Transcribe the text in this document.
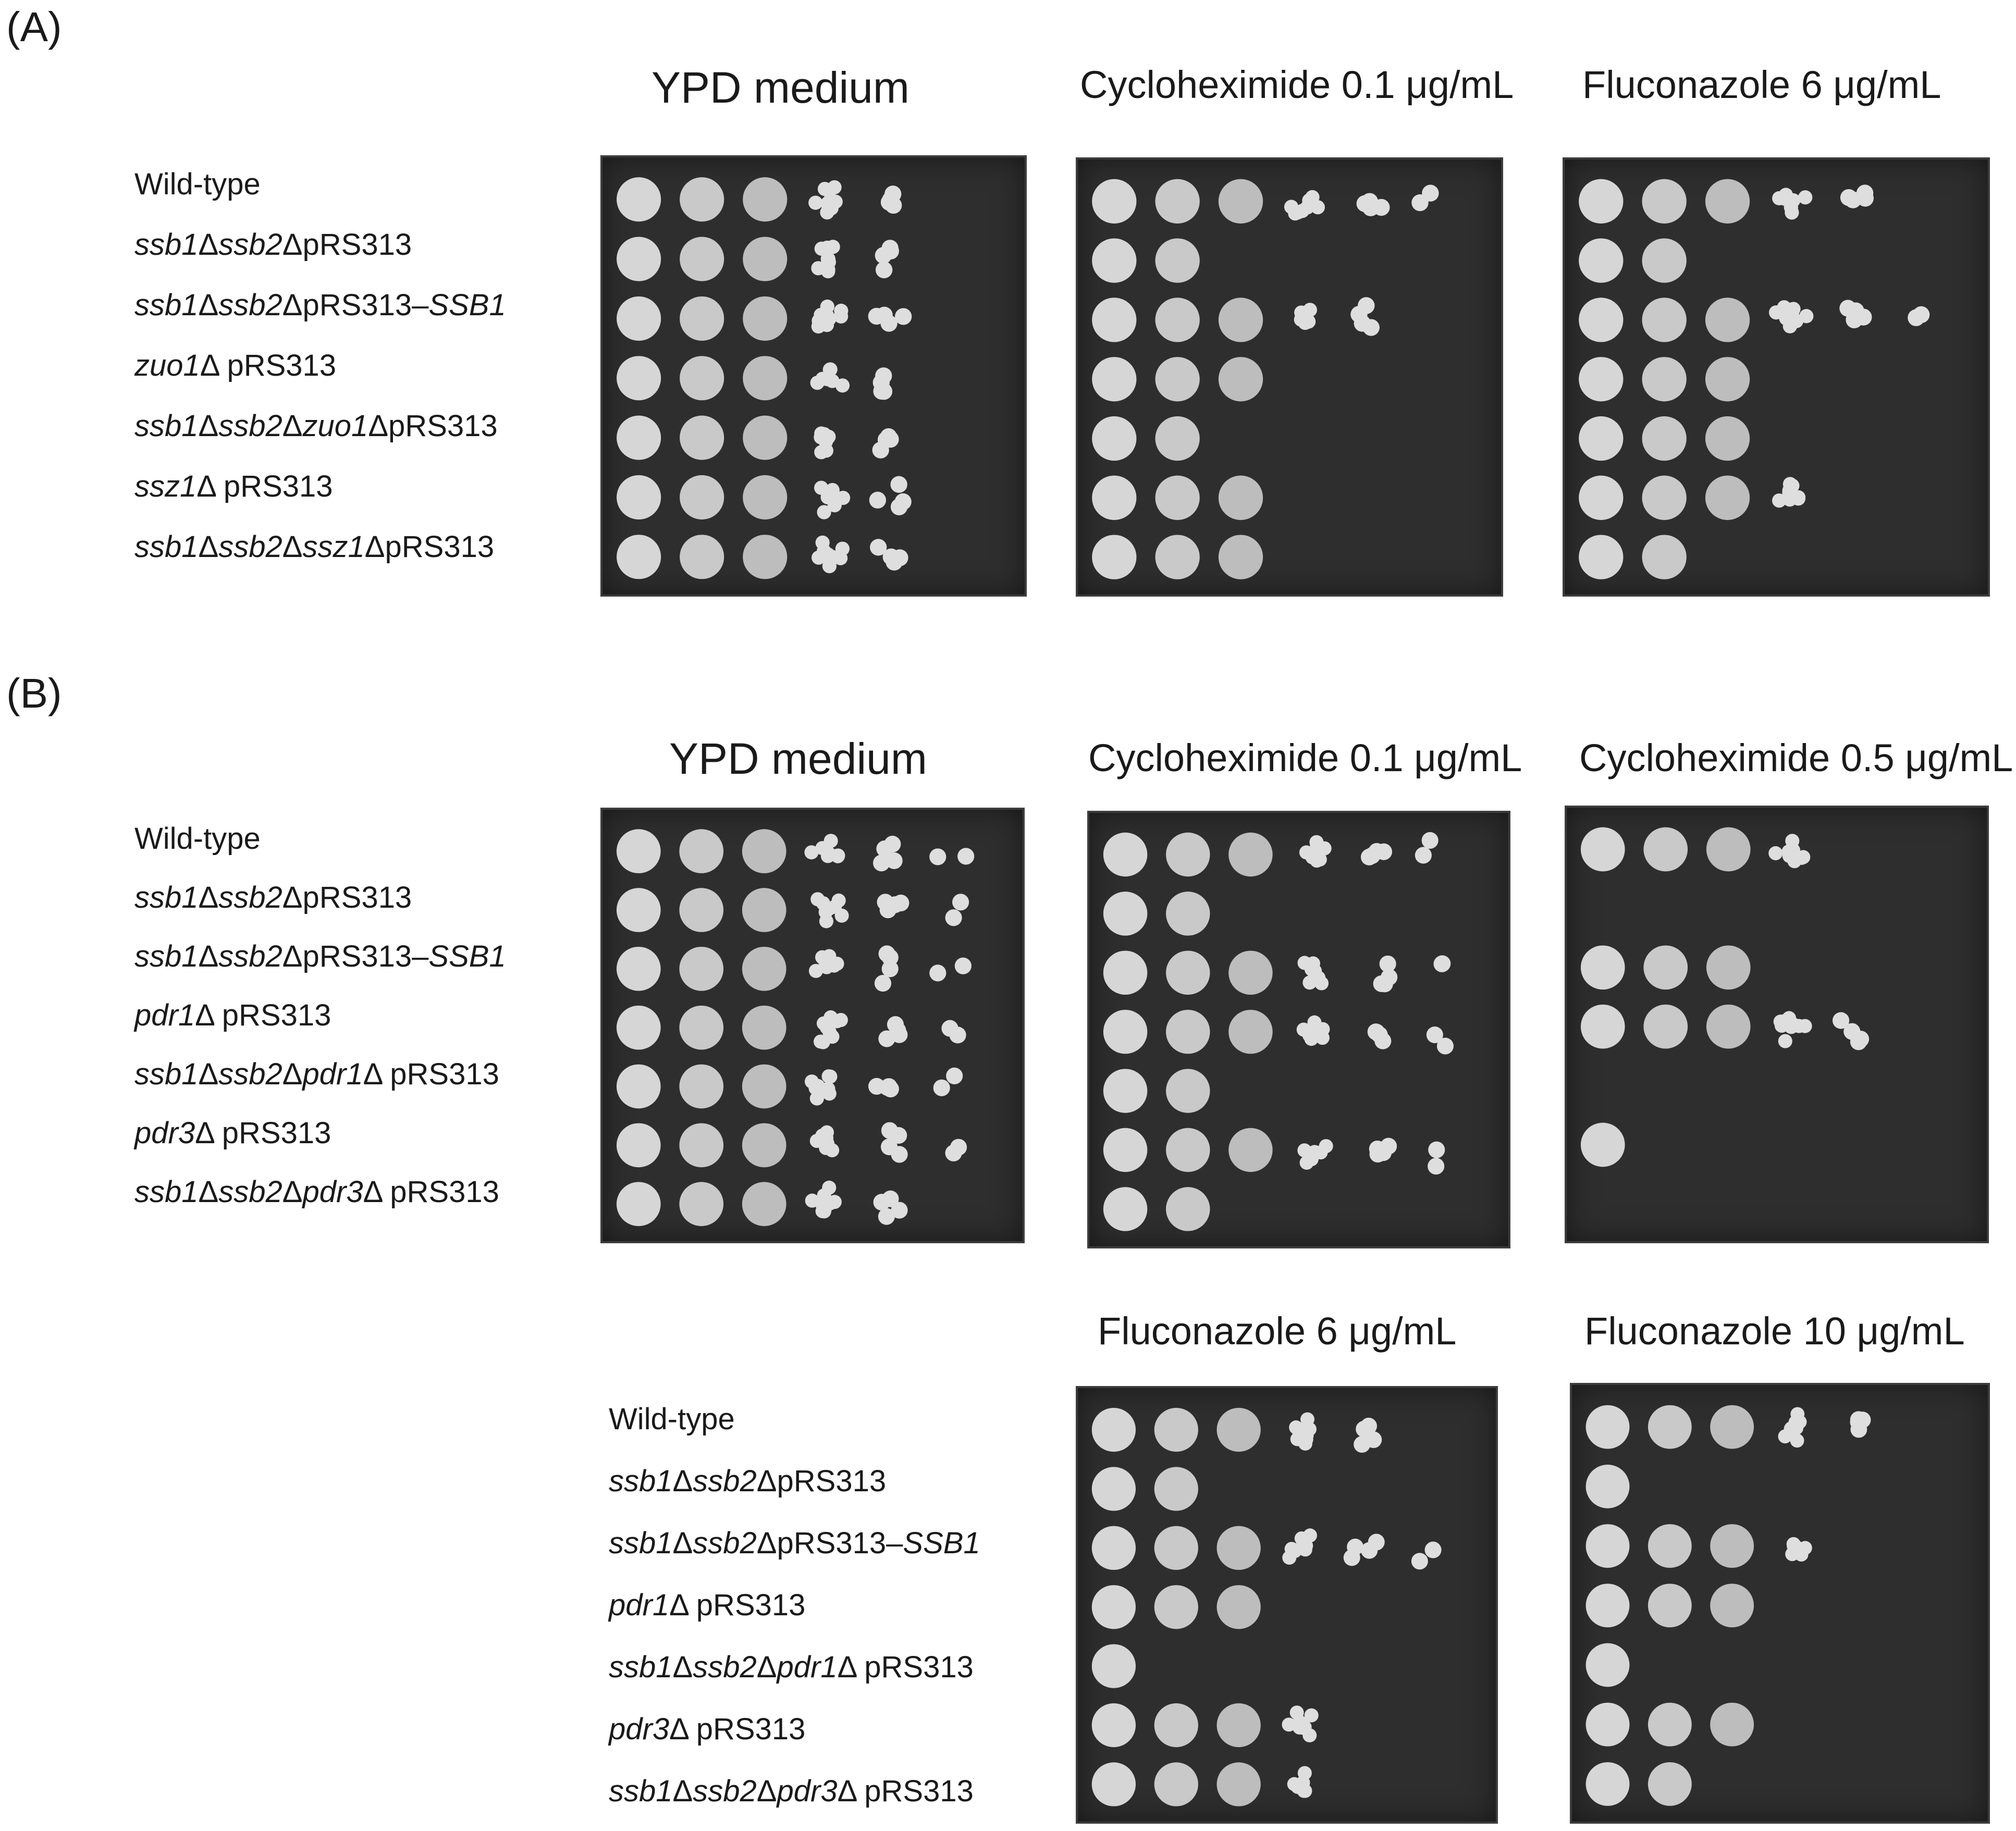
(A)
YPD medium	Cycloheximide 0.1 μg/mL Fluconazole 6 μg/mL
Wild-type
ssb1Δssb2ΔpRS313
ssb1Δssb2ΔpRS313–SSB1
zuo1Δ pRS313
ssb1Δssb2Δzuo1ΔpRS313
ssz1Δ pRS313
ssb1Δssb2Δssz1ΔpRS313
(B)
YPD medium	Cycloheximide 0.1 μg/mL Cycloheximide 0.5 μg/mL
Wild-type
ssb1Δssb2ΔpRS313
ssb1Δssb2ΔpRS313–SSB1
pdr1Δ pRS313
ssb1Δssb2Δpdr1Δ pRS313
pdr3Δ pRS313
ssb1Δssb2Δpdr3Δ pRS313
Fluconazole 6 μg/mL	Fluconazole 10 μg/mL
Wild-type
ssb1Δssb2ΔpRS313
ssb1Δssb2ΔpRS313–SSB1
pdr1Δ pRS313
ssb1Δssb2Δpdr1Δ pRS313
pdr3Δ pRS313
ssb1Δssb2Δpdr3Δ pRS313
